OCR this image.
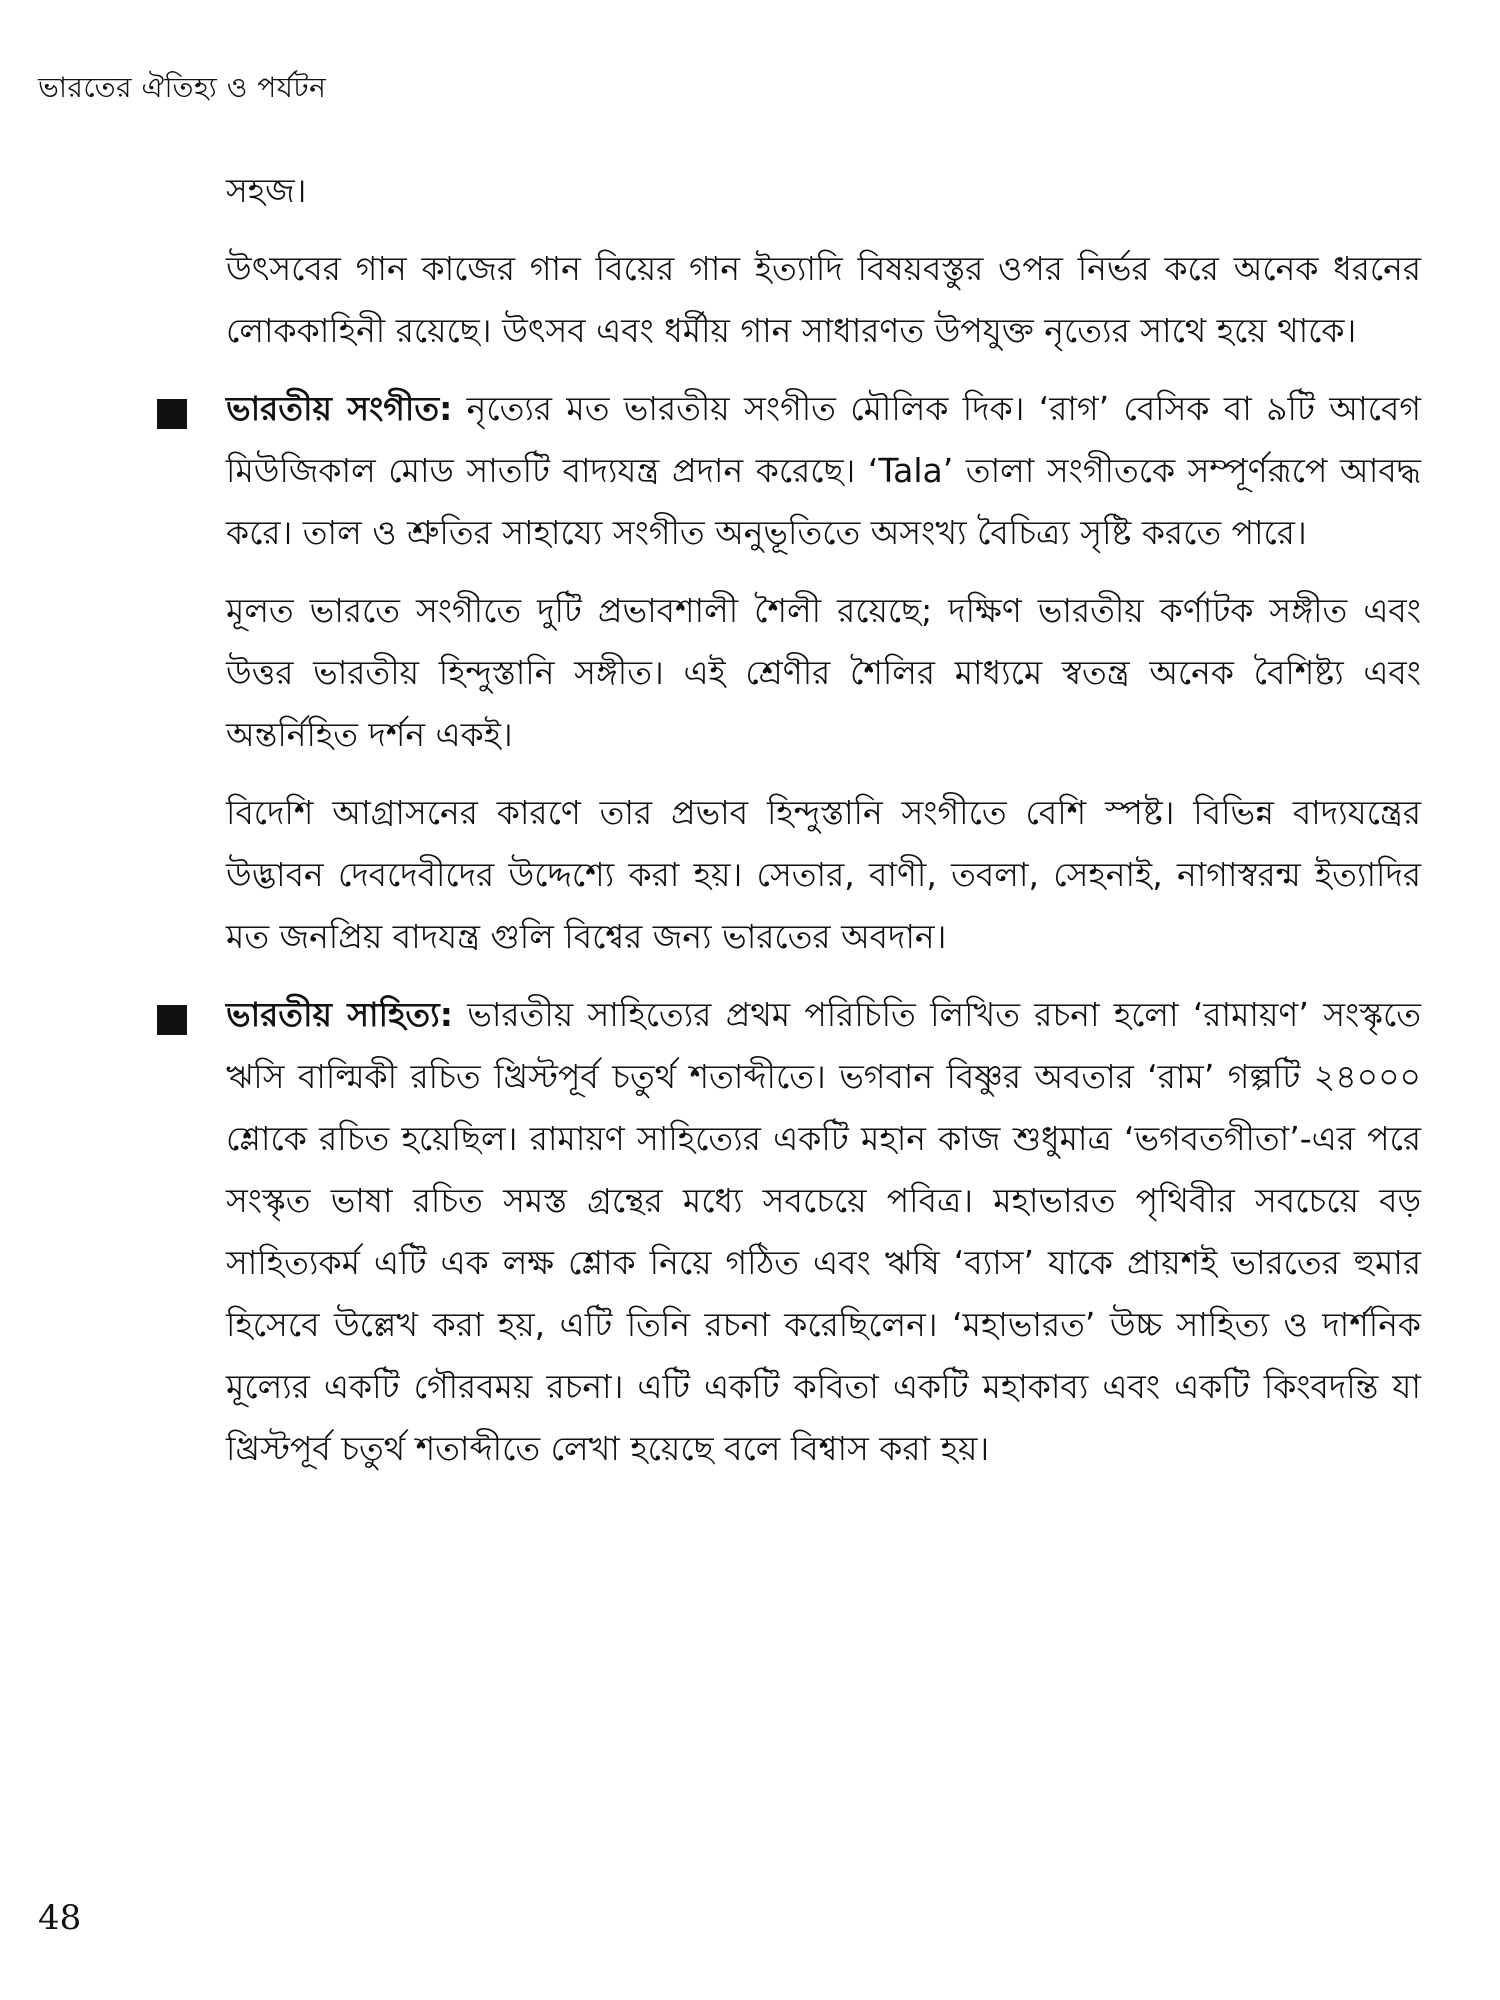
ভারতের ঐতিহ্য ও পর্যটন

সহজ।

উৎসবের গান কাজের গান বিয়ের গান ইত্যাদি বিষয়বস্তুর ওপর নির্ভর করে অনেক ধরনের লোককাহিনী রয়েছে। উৎসব এবং ধর্মীয় গান সাধারণত উপযুক্ত নৃত্যের সাথে হয়ে থাকে।

ভারতীয় সংগীত: নৃত্যের মত ভারতীয় সংগীত মৌলিক দিক। ‘রাগ’ বেসিক বা ৯টি আবেগ মিউজিকাল মোড সাতটি বাদ্যযন্ত্র প্রদান করেছে। ‘Tala’ তালা সংগীতকে সম্পূর্ণরূপে আবদ্ধ করে। তাল ও শ্রুতির সাহায্যে সংগীত অনুভূতিতে অসংখ্য বৈচিত্র্য সৃষ্টি করতে পারে।

মূলত ভারতে সংগীতে দুটি প্রভাবশালী শৈলী রয়েছে; দক্ষিণ ভারতীয় কর্ণাটক সঙ্গীত এবং উত্তর ভারতীয় হিন্দুস্তানি সঙ্গীত। এই শ্রেণীর শৈলির মাধ্যমে স্বতন্ত্র অনেক বৈশিষ্ট্য এবং অন্তর্নিহিত দর্শন একই।

বিদেশি আগ্রাসনের কারণে তার প্রভাব হিন্দুস্তানি সংগীতে বেশি স্পষ্ট। বিভিন্ন বাদ্যযন্ত্রের উদ্ভাবন দেবদেবীদের উদ্দেশ্যে করা হয়। সেতার, বাণী, তবলা, সেহনাই, নাগাস্বরন্ম ইত্যাদির মত জনপ্রিয় বাদযন্ত্র গুলি বিশ্বের জন্য ভারতের অবদান।

ভারতীয় সাহিত্য: ভারতীয় সাহিত্যের প্রথম পরিচিতি লিখিত রচনা হলো ‘রামায়ণ’ সংস্কৃতে ঋসি বাল্মিকী রচিত খ্রিস্টপূর্ব চতুর্থ শতাব্দীতে। ভগবান বিষ্ণুর অবতার ‘রাম’ গল্পটি ২৪০০০ শ্লোকে রচিত হয়েছিল। রামায়ণ সাহিত্যের একটি মহান কাজ শুধুমাত্র ‘ভগবতগীতা’-এর পরে সংস্কৃত ভাষা রচিত সমস্ত গ্রন্থের মধ্যে সবচেয়ে পবিত্র। মহাভারত পৃথিবীর সবচেয়ে বড় সাহিত্যকর্ম এটি এক লক্ষ শ্লোক নিয়ে গঠিত এবং ঋষি ‘ব্যাস’ যাকে প্রায়শই ভারতের হুমার হিসেবে উল্লেখ করা হয়, এটি তিনি রচনা করেছিলেন। ‘মহাভারত’ উচ্চ সাহিত্য ও দার্শনিক মূল্যের একটি গৌরবময় রচনা। এটি একটি কবিতা একটি মহাকাব্য এবং একটি কিংবদন্তি যা খ্রিস্টপূর্ব চতুর্থ শতাব্দীতে লেখা হয়েছে বলে বিশ্বাস করা হয়।

48
